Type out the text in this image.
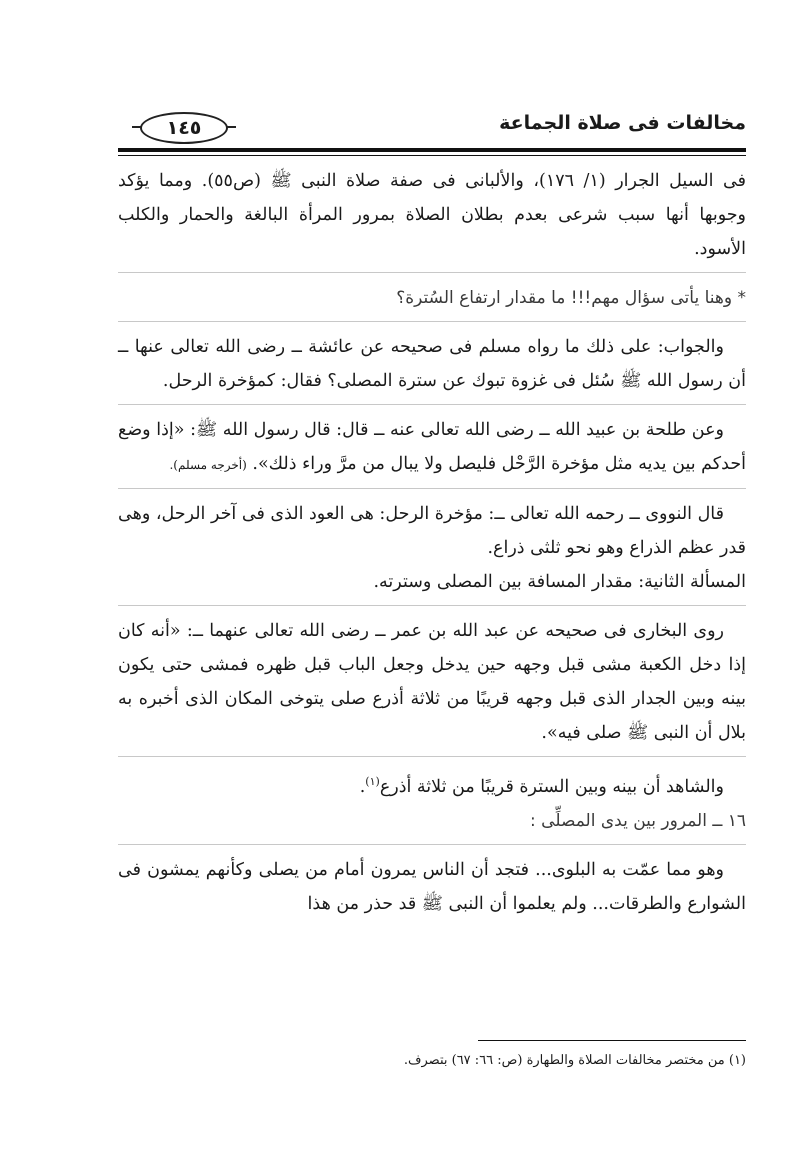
١٤٥	مخالفات فى صلاة الجماعة

فى السيل الجرار (١/ ١٧٦)، والألبانى فى صفة صلاة النبى ﷺ (ص٥٥). ومما يؤكد وجوبها أنها سبب شرعى بعدم بطلان الصلاة بمرور المرأة البالغة والحمار والكلب الأسود.

* وهنا يأتى سؤال مهم!!! ما مقدار ارتفاع السُترة؟

والجواب: على ذلك ما رواه مسلم فى صحيحه عن عائشة ــ رضى الله تعالى عنها ــ أن رسول الله ﷺ سُئل فى غزوة تبوك عن سترة المصلى؟ فقال: كمؤخرة الرحل.

وعن طلحة بن عبيد الله ــ رضى الله تعالى عنه ــ قال: قال رسول الله ﷺ: «إذا وضع أحدكم بين يديه مثل مؤخرة الرَّحْل فليصل ولا يبال من مرَّ وراء ذلك». (أخرجه مسلم).

قال النووى ــ رحمه الله تعالى ــ: مؤخرة الرحل: هى العود الذى فى آخر الرحل، وهى قدر عظم الذراع وهو نحو ثلثى ذراع.

المسألة الثانية: مقدار المسافة بين المصلى وسترته.

روى البخارى فى صحيحه عن عبد الله بن عمر ــ رضى الله تعالى عنهما ــ: «أنه كان إذا دخل الكعبة مشى قبل وجهه حين يدخل وجعل الباب قبل ظهره فمشى حتى يكون بينه وبين الجدار الذى قبل وجهه قريبًا من ثلاثة أذرع صلى يتوخى المكان الذى أخبره به بلال أن النبى ﷺ صلى فيه».

والشاهد أن بينه وبين السترة قريبًا من ثلاثة أذرع$^{(١)}$.

١٦ ــ المرور بين يدى المصلِّى :

وهو مما عمّت به البلوى... فتجد أن الناس يمرون أمام من يصلى وكأنهم يمشون فى الشوارع والطرقات... ولم يعلموا أن النبى ﷺ قد حذر من هذا

(١) من مختصر مخالفات الصلاة والطهارة (ص: ٦٦: ٦٧) بتصرف.
